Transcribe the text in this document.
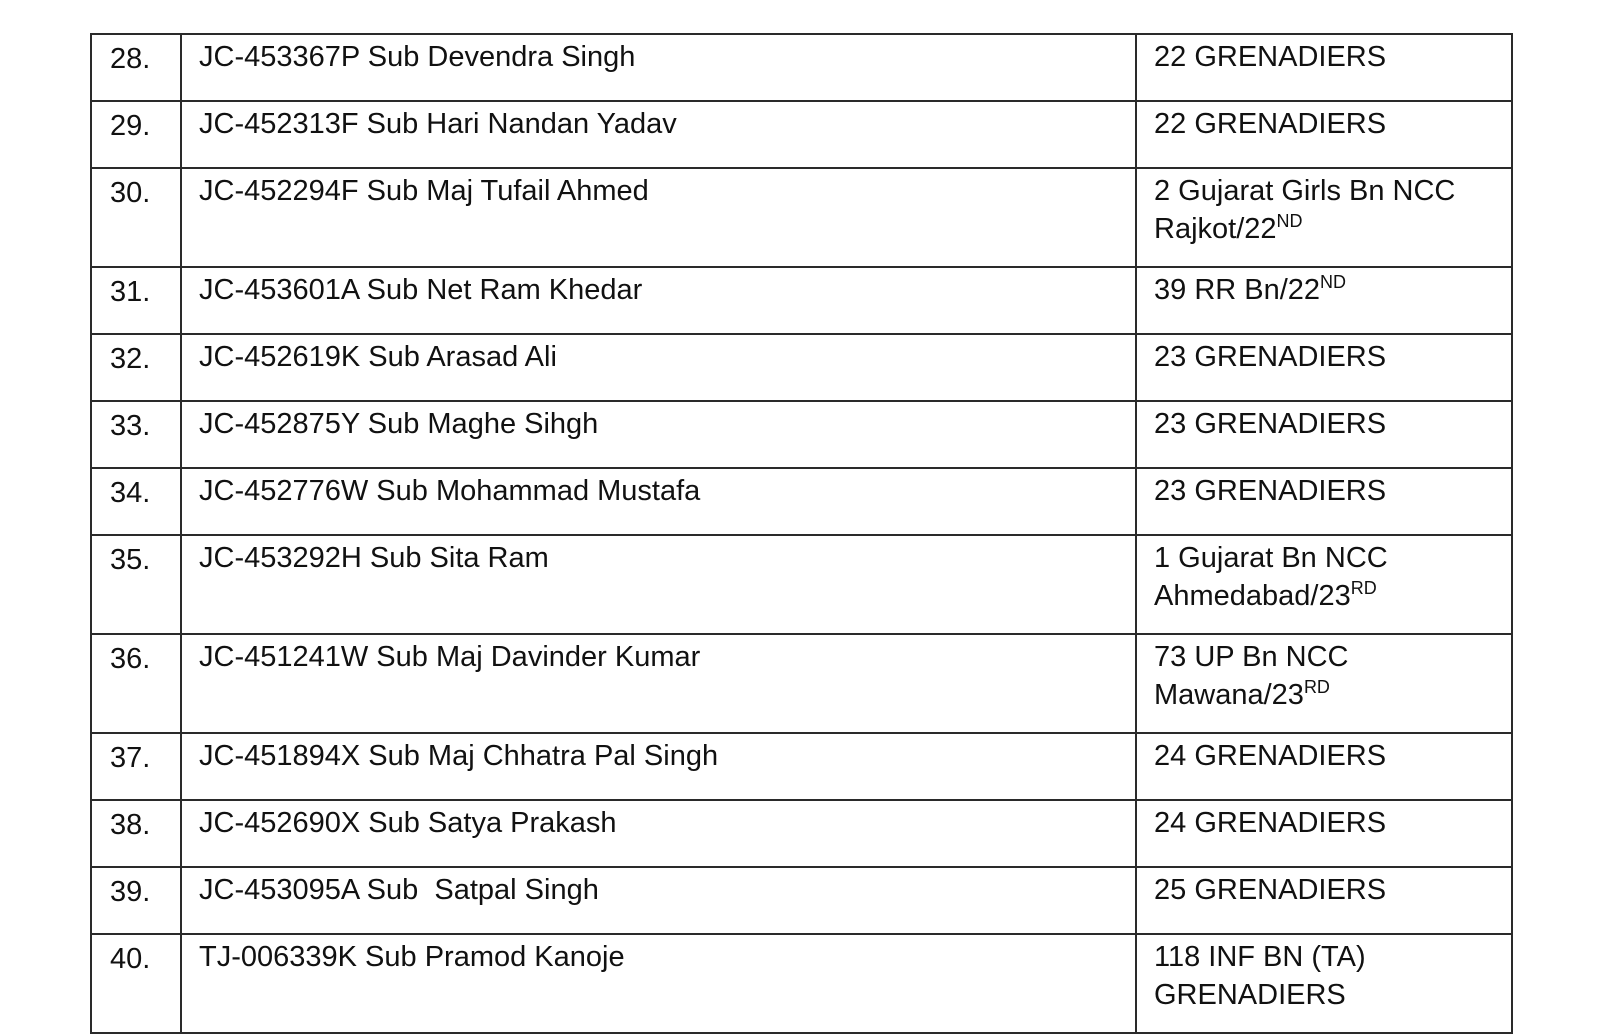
28.	JC-453367P Sub Devendra Singh	22 GRENADIERS

29.	JC-452313F Sub Hari Nandan Yadav	22 GRENADIERS

30.	JC-452294F Sub Maj Tufail Ahmed	2 Gujarat Girls Bn NCC
Rajkot/22ND

31.	JC-453601A Sub Net Ram Khedar	39 RR Bn/22ND

32.	JC-452619K Sub Arasad Ali	23 GRENADIERS

33.	JC-452875Y Sub Maghe Sihgh	23 GRENADIERS

34.	JC-452776W Sub Mohammad Mustafa	23 GRENADIERS

35.	JC-453292H Sub Sita Ram	1 Gujarat Bn NCC
Ahmedabad/23RD

36.	JC-451241W Sub Maj Davinder Kumar	73 UP Bn NCC
Mawana/23RD

37.	JC-451894X Sub Maj Chhatra Pal Singh	24 GRENADIERS

38.	JC-452690X Sub Satya Prakash	24 GRENADIERS

39.	JC-453095A Sub  Satpal Singh	25 GRENADIERS

40.	TJ-006339K Sub Pramod Kanoje	118 INF BN (TA)
GRENADIERS
